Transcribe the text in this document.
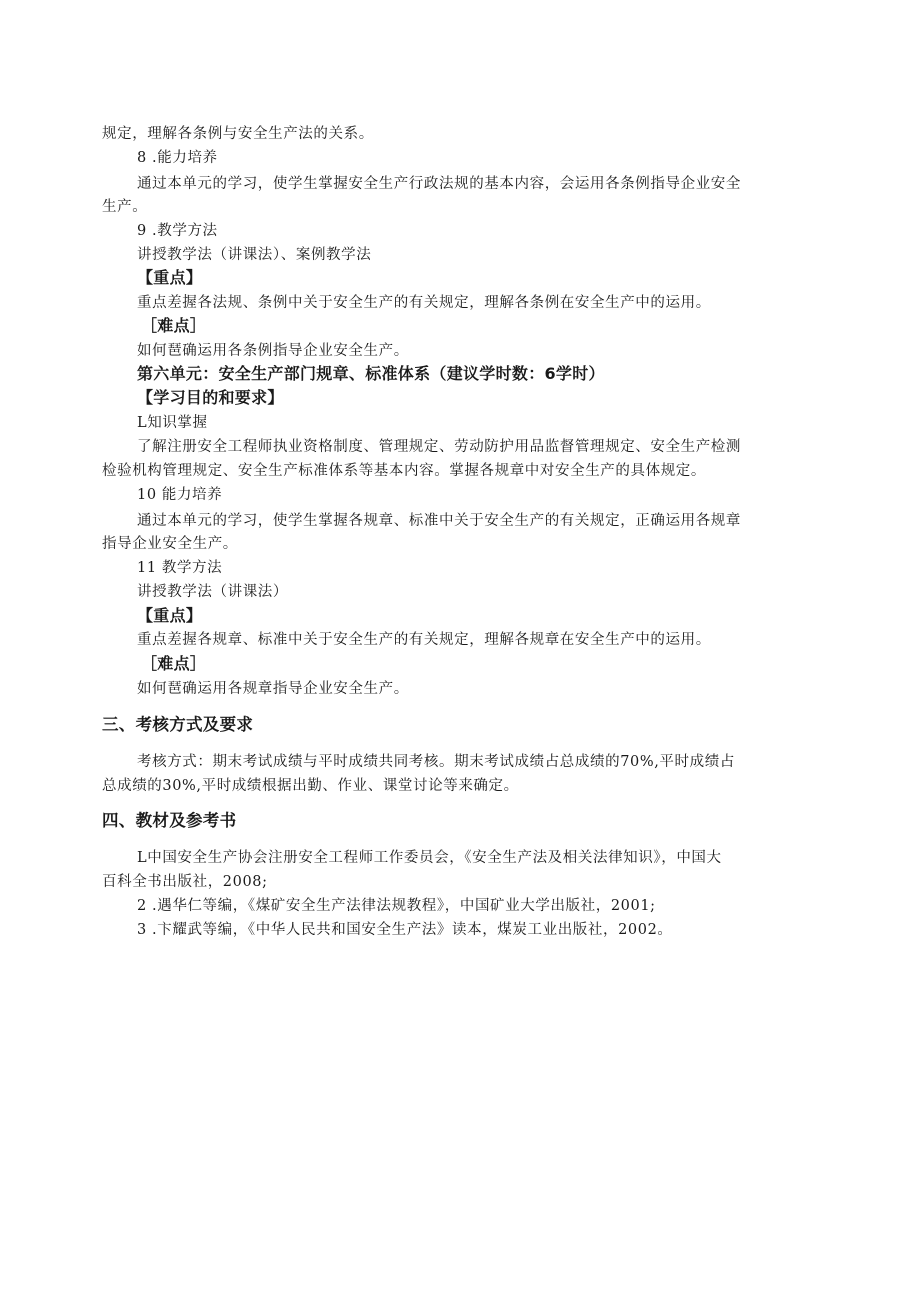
规定，理解各条例与安全生产法的关系。
8 .能力培养
通过本单元的学习，使学生掌握安全生产行政法规的基本内容，会运用各条例指导企业安全
生产。
9 .教学方法
讲授教学法（讲课法）、案例教学法
【重点】
重点差握各法规、条例中关于安全生产的有关规定，理解各条例在安全生产中的运用。
［难点］
如何琶确运用各条例指导企业安全生产。
第六单元：安全生产部门规章、标准体系（建议学时数：6学时）
【学习目的和要求】
L知识掌握
了解注册安全工程师执业资格制度、管理规定、劳动防护用品监督管理规定、安全生产检测
检验机构管理规定、安全生产标准体系等基本内容。掌握各规章中对安全生产的具体规定。
10 能力培养
通过本单元的学习，使学生掌握各规章、标准中关于安全生产的有关规定，正确运用各规章
指导企业安全生产。
11 教学方法
讲授教学法（讲课法）
【重点】
重点差握各规章、标准中关于安全生产的有关规定，理解各规章在安全生产中的运用。
［难点］
如何琶确运用各规章指导企业安全生产。
三、考核方式及要求
考核方式：期末考试成绩与平时成绩共同考核。期末考试成绩占总成绩的70%,平时成绩占
总成绩的30%,平时成绩根据出勤、作业、课堂讨论等来确定。
四、教材及参考书
L中国安全生产协会注册安全工程师工作委员会，《安全生产法及相关法律知识》，中国大
百科全书出版社，2008;
2 .遇华仁等编，《煤矿安全生产法律法规教程》，中国矿业大学出版社，2001;
3 .卞耀武等编，《中华人民共和国安全生产法》读本，煤炭工业出版社，2002。
